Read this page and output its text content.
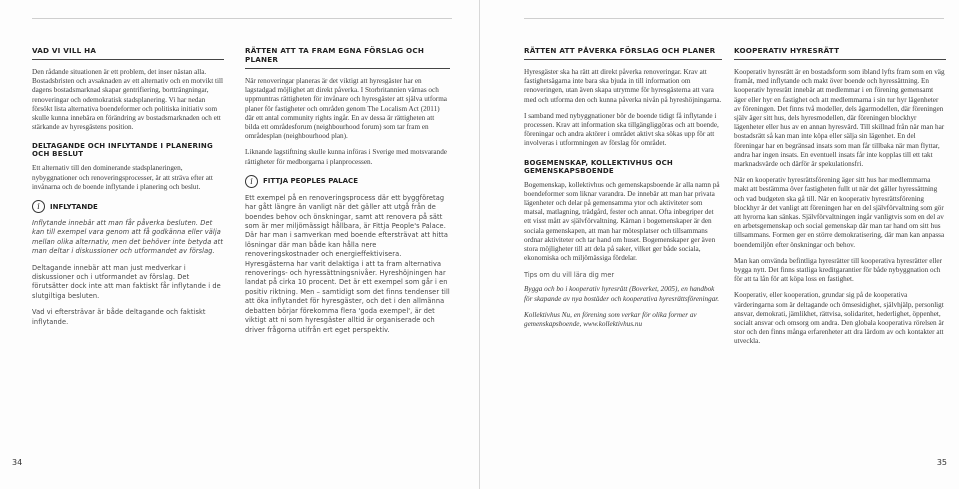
VAD VI VILL HA

Den rådande situationen är ett problem, det inser nästan alla. Bostadsbristen och avsaknaden av ett alternativ och en motvikt till dagens bostadsmarknad skapar gentrifiering, bortträngningar, renoveringar och odemokratisk stadsplanering. Vi har nedan försökt lista alternativa boendeformer och politiska initiativ som skulle kunna innebära en förändring av bostadsmarknaden och ett stärkande av hyresgästens position.

DELTAGANDE OCH INFLYTANDE I PLANERING OCH BESLUT

Ett alternativ till den dominerande stadsplaneringen, nybyggnationer och renoveringsprocesser, är att sträva efter att invånarna och de boende inflytande i planering och beslut.

i	INFLYTANDE

Inflytande innebär att man får påverka besluten. Det kan till exempel vara genom att få godkänna eller välja mellan olika alternativ, men det behöver inte betyda att man deltar i diskussioner och utformandet av förslag.

Deltagande innebär att man just medverkar i diskussioner och i utformandet av förslag. Det förutsätter dock inte att man faktiskt får inflytande i de slutgiltiga besluten.

Vad vi eftersträvar är både deltagande och faktiskt inflytande.

RÄTTEN ATT TA FRAM EGNA FÖRSLAG OCH PLANER

När renoveringar planeras är det viktigt att hyresgäster har en lagstadgad möjlighet att direkt påverka. I Storbritannien värnas och uppmuntras rättigheten för invånare och hyresgäster att själva utforma planer för fastigheter och områden genom The Localism Act (2011) där ett antal community rights ingår. En av dessa är rättigheten att bilda ett områdesforum (neighbourhood forum) som tar fram en områdesplan (neighbourhood plan).

Liknande lagstiftning skulle kunna införas i Sverige med motsvarande rättigheter för medborgarna i planprocessen.

i	FITTJA PEOPLES PALACE

Ett exempel på en renoveringsprocess där ett byggföretag har gått längre än vanligt när det gäller att utgå från de boendes behov och önskningar, samt att renovera på sätt som är mer miljömässigt hållbara, är Fittja People's Palace. Där har man i samverkan med boende eftersträvat att hitta lösningar där man både kan hålla nere renoveringskostnader och energieffektivisera. Hyresgästerna har varit delaktiga i att ta fram alternativa renoverings- och hyressättningsnivåer. Hyreshöjningen har landat på cirka 10 procent. Det är ett exempel som går i en positiv riktning. Men – samtidigt som det finns tendenser till att öka inflytandet för hyresgäster, och det i den allmänna debatten börjar förekomma flera 'goda exempel', är det viktigt att ni som hyresgäster alltid är organiserade och driver frågorna utifrån ert eget perspektiv.

34
RÄTTEN ATT PÅVERKA FÖRSLAG OCH PLANER

Hyresgäster ska ha rätt att direkt påverka renoveringar. Krav att fastighetsägarna inte bara ska bjuda in till information om renoveringen, utan även skapa utrymme för hyresgästerna att vara med och utforma den och kunna påverka nivån på hyreshöjningarna.

I samband med nybyggnationer bör de boende tidigt få inflytande i processen. Krav att information ska tillgängliggöras och att boende, föreningar och andra aktörer i området aktivt ska sökas upp för att involveras i utformningen av förslag för området.

BOGEMENSKAP, KOLLEKTIVHUS OCH GEMENSKAPSBOENDE

Bogemenskap, kollektivhus och gemenskapsboende är alla namn på boendeformer som liknar varandra. De innebär att man har privata lägenheter och delar på gemensamma ytor och aktiviteter som matsal, matlagning, trädgård, fester och annat. Ofta inbegriper det ett visst mått av självförvaltning. Kärnan i bogemenskaper är den sociala gemenskapen, att man har mötesplatser och tillsammans ordnar aktiviteter och tar hand om huset. Bogemenskaper ger även stora möjligheter till att dela på saker, vilket ger både sociala, ekonomiska och miljömässiga fördelar.

Tips om du vill lära dig mer

Bygga och bo i kooperativ hyresrätt (Boverket, 2005), en handbok för skapande av nya bostäder och kooperativa hyresrättsföreningar.

Kollektivhus Nu, en förening som verkar för olika former av gemenskapsboende, www.kollektivhus.nu

KOOPERATIV HYRESRÄTT

Kooperativ hyresrätt är en bostadsform som ibland lyfts fram som en väg framåt, med inflytande och makt över boende och hyressättning. En kooperativ hyresrätt innebär att medlemmar i en förening gemensamt äger eller hyr en fastighet och att medlemmarna i sin tur hyr lägenheter av föreningen. Det finns två modeller, dels ägarmodellen, där föreningen själv äger sitt hus, dels hyresmodellen, där föreningen blockhyr lägenheter eller hus av en annan hyresvärd. Till skillnad från när man har bostadsrätt så kan man inte köpa eller sälja sin lägenhet. En del föreningar har en begränsad insats som man får tillbaka när man flyttar, andra har ingen insats. En eventuell insats får inte kopplas till ett takt marknadsvärde och därför är spekulationsfri.

När en kooperativ hyresrättsförening äger sitt hus har medlemmarna makt att bestämma över fastigheten fullt ut när det gäller hyressättning och vad budgeten ska gå till. När en kooperativ hyresrättsförening blockhyr är det vanligt att föreningen har en del självförvaltning som gör att hyrorna kan sänkas. Självförvaltningen ingår vanligtvis som en del av en arbetsgemenskap och social gemenskap där man tar hand om sitt hus tillsammans. Formen ger en större demokratisering, där man kan anpassa boendemiljön efter önskningar och behov.

Man kan omvända befintliga hyresrätter till kooperativa hyresrätter eller bygga nytt. Det finns statliga kreditgarantier för både nybyggnation och för att ta lån för att köpa loss en fastighet.

Kooperativ, eller kooperation, grundar sig på de kooperativa värderingarna som är deltagande och ömsesidighet, självhjälp, personligt ansvar, demokrati, jämlikhet, rättvisa, solidaritet, hederlighet, öppenhet, socialt ansvar och omsorg om andra. Den globala kooperativa rörelsen är stor och den finns många erfarenheter att dra lärdom av och kontakter att utveckla.

35
